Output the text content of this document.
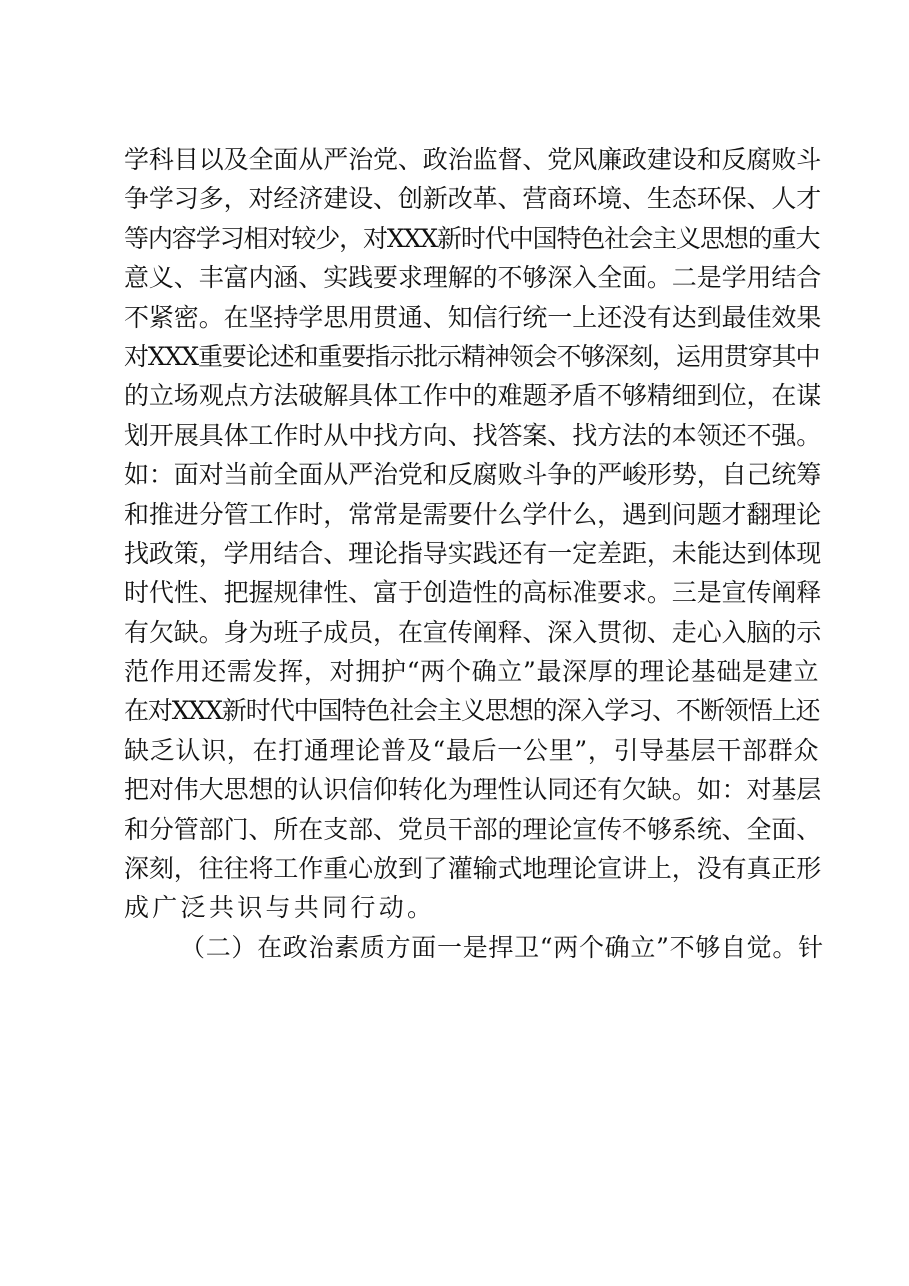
学科目以及全面从严治党、政治监督、党风廉政建设和反腐败斗
争学习多，对经济建设、创新改革、营商环境、生态环保、人才
等内容学习相对较少，对XXX新时代中国特色社会主义思想的重大
意义、丰富内涵、实践要求理解的不够深入全面。二是学用结合
不紧密。在坚持学思用贯通、知信行统一上还没有达到最佳效果
对XXX重要论述和重要指示批示精神领会不够深刻，运用贯穿其中
的立场观点方法破解具体工作中的难题矛盾不够精细到位，在谋
划开展具体工作时从中找方向、找答案、找方法的本领还不强。
如：面对当前全面从严治党和反腐败斗争的严峻形势，自己统筹
和推进分管工作时，常常是需要什么学什么，遇到问题才翻理论
找政策，学用结合、理论指导实践还有一定差距，未能达到体现
时代性、把握规律性、富于创造性的高标准要求。三是宣传阐释
有欠缺。身为班子成员，在宣传阐释、深入贯彻、走心入脑的示
范作用还需发挥，对拥护“两个确立”最深厚的理论基础是建立
在对XXX新时代中国特色社会主义思想的深入学习、不断领悟上还
缺乏认识，在打通理论普及“最后一公里”，引导基层干部群众
把对伟大思想的认识信仰转化为理性认同还有欠缺。如：对基层
和分管部门、所在支部、党员干部的理论宣传不够系统、全面、
深刻，往往将工作重心放到了灌输式地理论宣讲上，没有真正形
成广泛共识与共同行动。
（二）在政治素质方面一是捍卫“两个确立”不够自觉。针
